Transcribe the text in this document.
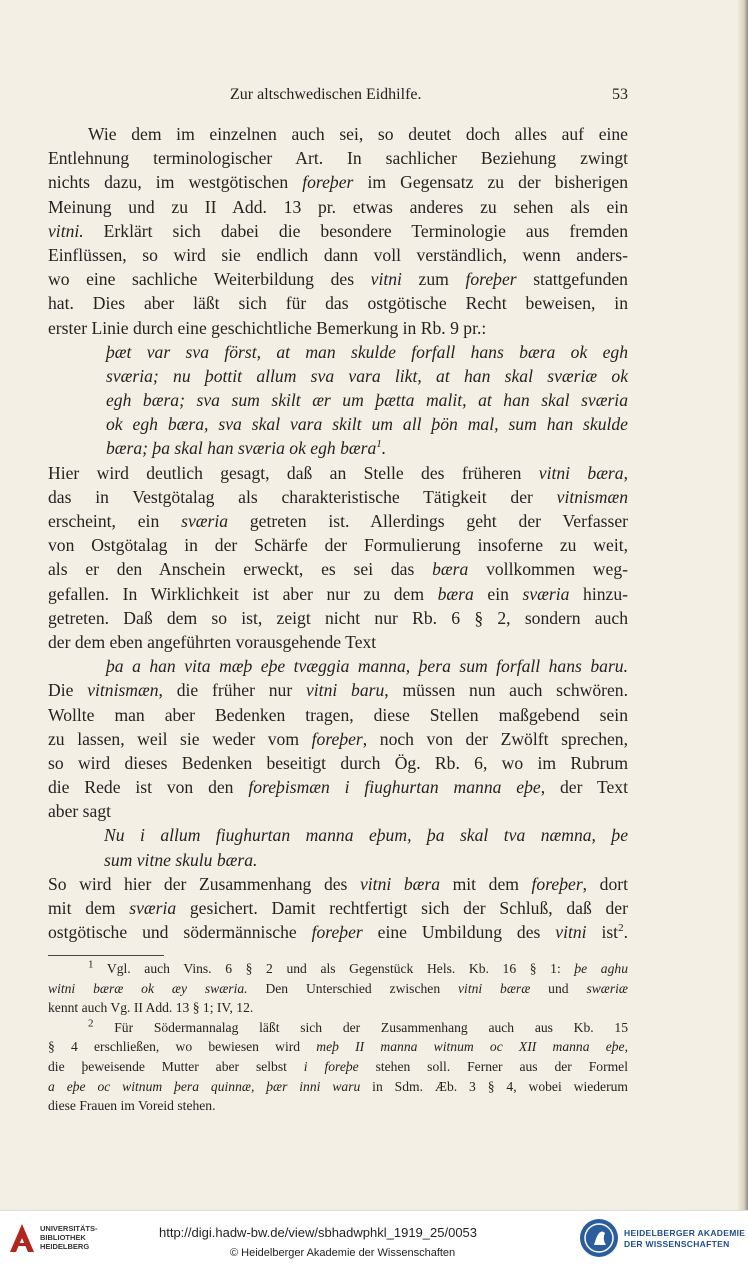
Zur altschwedischen Eidhilfe.	53
Wie dem im einzelnen auch sei, so deutet doch alles auf eine
Entlehnung terminologischer Art. In sachlicher Beziehung zwingt
nichts dazu, im westgötischen foreþer im Gegensatz zu der bisherigen
Meinung und zu II Add. 13 pr. etwas anderes zu sehen als ein
vitni. Erklärt sich dabei die besondere Terminologie aus fremden
Einflüssen, so wird sie endlich dann voll verständlich, wenn anders-
wo eine sachliche Weiterbildung des vitni zum foreþer stattgefunden
hat. Dies aber läßt sich für das ostgötische Recht beweisen, in
erster Linie durch eine geschichtliche Bemerkung in Rb. 9 pr.:
þæt var sva först, at man skulde forfall hans bæra ok egh
sværia; nu þottit allum sva vara likt, at han skal sværiæ ok
egh bæra; sva sum skilt ær um þætta malit, at han skal sværia
ok egh bæra, sva skal vara skilt um all þön mal, sum han skulde
bæra; þa skal han sværia ok egh bæra$^1$.
Hier wird deutlich gesagt, daß an Stelle des früheren vitni bæra,
das in Vestgötalag als charakteristische Tätigkeit der vitnismæn
erscheint, ein sværia getreten ist. Allerdings geht der Verfasser
von Ostgötalag in der Schärfe der Formulierung insoferne zu weit,
als er den Anschein erweckt, es sei das bæra vollkommen weg-
gefallen. In Wirklichkeit ist aber nur zu dem bæra ein sværia hinzu-
getreten. Daß dem so ist, zeigt nicht nur Rb. 6 § 2, sondern auch
der dem eben angeführten vorausgehende Text
þa a han vita mæþ eþe tvæggia manna, þera sum forfall hans baru.
Die vitnismæn, die früher nur vitni baru, müssen nun auch schwören.
Wollte man aber Bedenken tragen, diese Stellen maßgebend sein
zu lassen, weil sie weder vom foreþer, noch von der Zwölft sprechen,
so wird dieses Bedenken beseitigt durch Ög. Rb. 6, wo im Rubrum
die Rede ist von den foreþismæn i fiughurtan manna eþe, der Text
aber sagt
Nu i allum fiughurtan manna eþum, þa skal tva næmna, þe
sum vitne skulu bæra.
So wird hier der Zusammenhang des vitni bæra mit dem foreþer, dort
mit dem sværia gesichert. Damit rechtfertigt sich der Schluß, daß der
ostgötische und södermännische foreþer eine Umbildung des vitni ist$^2$.
$^1$ Vgl. auch Vins. 6 § 2 und als Gegenstück Hels. Kb. 16 § 1: þe aghu
witni bæræ ok æy swæria. Den Unterschied zwischen vitni bæræ und swæriæ
kennt auch Vg. II Add. 13 § 1; IV, 12.
$^2$ Für Södermannalag läßt sich der Zusammenhang auch aus Kb. 15
§ 4 erschließen, wo bewiesen wird meþ II manna witnum oc XII manna eþe,
die þeweisende Mutter aber selbst i foreþe stehen soll. Ferner aus der Formel
a eþe oc witnum þera quinnæ, þær inni waru in Sdm. Æb. 3 § 4, wobei wiederum
diese Frauen im Voreid stehen.
UNIVERSITÄTS-
BIBLIOTHEK
HEIDELBERG
http://digi.hadw-bw.de/view/sbhadwphkl_1919_25/0053
© Heidelberger Akademie der Wissenschaften
HEIDELBERGER AKADEMIE
DER WISSENSCHAFTEN
